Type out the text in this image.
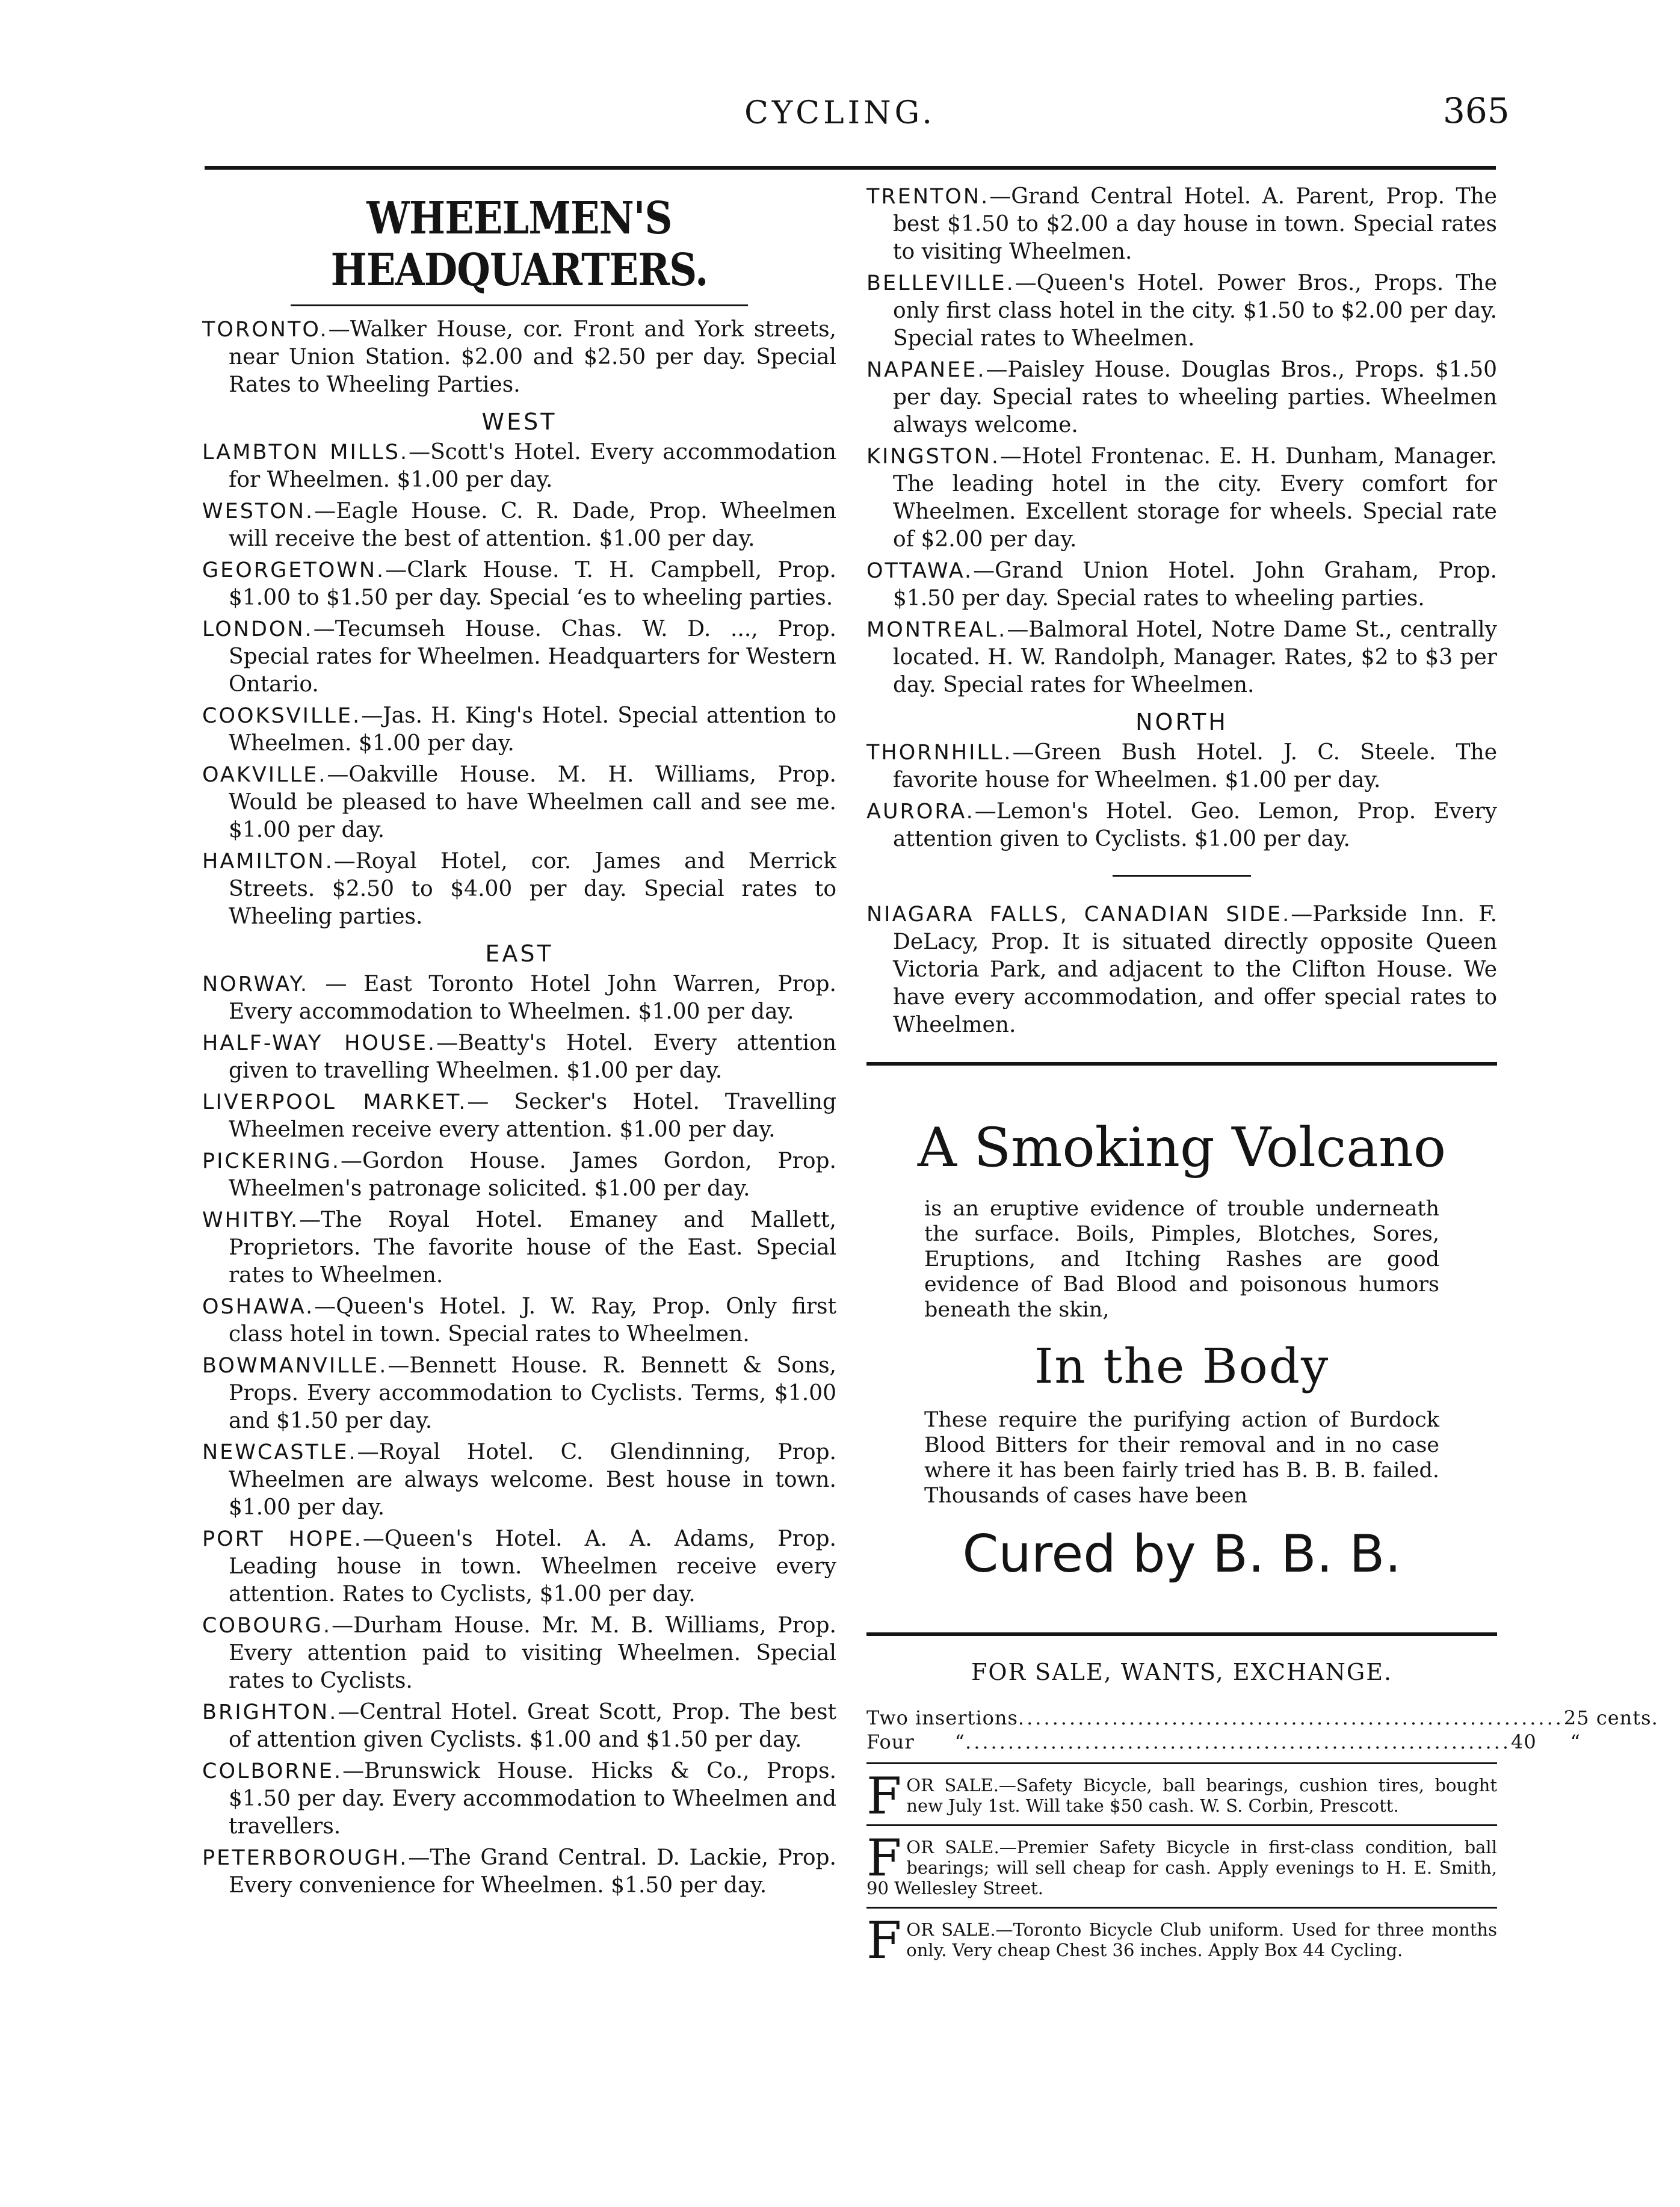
CYCLING.	365
WHEELMEN'S HEADQUARTERS.
TORONTO.—Walker House, cor. Front and York streets, near Union Station. $2.00 and $2.50 per day. Special Rates to Wheeling Parties.
WEST
LAMBTON MILLS.—Scott's Hotel. Every accommodation for Wheelmen. $1.00 per day.
WESTON.—Eagle House. C. R. Dade, Prop. Wheelmen will receive the best of attention. $1.00 per day.
GEORGETOWN.—Clark House. T. H. Campbell, Prop. $1.00 to $1.50 per day. Special ʻes to wheeling parties.
LONDON.—Tecumseh House. Chas. W. D. ..., Prop. Special rates for Wheelmen. Headquarters for Western Ontario.
COOKSVILLE.—Jas. H. King's Hotel. Special attention to Wheelmen. $1.00 per day.
OAKVILLE.—Oakville House. M. H. Williams, Prop. Would be pleased to have Wheelmen call and see me. $1.00 per day.
HAMILTON.—Royal Hotel, cor. James and Merrick Streets. $2.50 to $4.00 per day. Special rates to Wheeling parties.
EAST
NORWAY. — East Toronto Hotel John Warren, Prop. Every accommodation to Wheelmen. $1.00 per day.
HALF-WAY HOUSE.—Beatty's Hotel. Every attention given to travelling Wheelmen. $1.00 per day.
LIVERPOOL MARKET.— Secker's Hotel. Travelling Wheelmen receive every attention. $1.00 per day.
PICKERING.—Gordon House. James Gordon, Prop. Wheelmen's patronage solicited. $1.00 per day.
WHITBY.—The Royal Hotel. Emaney and Mallett, Proprietors. The favorite house of the East. Special rates to Wheelmen.
OSHAWA.—Queen's Hotel. J. W. Ray, Prop. Only first class hotel in town. Special rates to Wheelmen.
BOWMANVILLE.—Bennett House. R. Bennett & Sons, Props. Every accommodation to Cyclists. Terms, $1.00 and $1.50 per day.
NEWCASTLE.—Royal Hotel. C. Glendinning, Prop. Wheelmen are always welcome. Best house in town. $1.00 per day.
PORT HOPE.—Queen's Hotel. A. A. Adams, Prop. Leading house in town. Wheelmen receive every attention. Rates to Cyclists, $1.00 per day.
COBOURG.—Durham House. Mr. M. B. Williams, Prop. Every attention paid to visiting Wheelmen. Special rates to Cyclists.
BRIGHTON.—Central Hotel. Great Scott, Prop. The best of attention given Cyclists. $1.00 and $1.50 per day.
COLBORNE.—Brunswick House. Hicks & Co., Props. $1.50 per day. Every accommodation to Wheelmen and travellers.
PETERBOROUGH.—The Grand Central. D. Lackie, Prop. Every convenience for Wheelmen. $1.50 per day.
TRENTON.—Grand Central Hotel. A. Parent, Prop. The best $1.50 to $2.00 a day house in town. Special rates to visiting Wheelmen.
BELLEVILLE.—Queen's Hotel. Power Bros., Props. The only first class hotel in the city. $1.50 to $2.00 per day. Special rates to Wheelmen.
NAPANEE.—Paisley House. Douglas Bros., Props. $1.50 per day. Special rates to wheeling parties. Wheelmen always welcome.
KINGSTON.—Hotel Frontenac. E. H. Dunham, Manager. The leading hotel in the city. Every comfort for Wheelmen. Excellent storage for wheels. Special rate of $2.00 per day.
OTTAWA.—Grand Union Hotel. John Graham, Prop. $1.50 per day. Special rates to wheeling parties.
MONTREAL.—Balmoral Hotel, Notre Dame St., centrally located. H. W. Randolph, Manager. Rates, $2 to $3 per day. Special rates for Wheelmen.
NORTH
THORNHILL.—Green Bush Hotel. J. C. Steele. The favorite house for Wheelmen. $1.00 per day.
AURORA.—Lemon's Hotel. Geo. Lemon, Prop. Every attention given to Cyclists. $1.00 per day.
NIAGARA FALLS, CANADIAN SIDE.—Parkside Inn. F. DeLacy, Prop. It is situated directly opposite Queen Victoria Park, and adjacent to the Clifton House. We have every accommodation, and offer special rates to Wheelmen.
A Smoking Volcano
is an eruptive evidence of trouble underneath the surface. Boils, Pimples, Blotches, Sores, Eruptions, and Itching Rashes are good evidence of Bad Blood and poisonous humors beneath the skin,
In the Body
These require the purifying action of Burdock Blood Bitters for their removal and in no case where it has been fairly tried has B. B. B. failed. Thousands of cases have been
Cured by B. B. B.
FOR SALE, WANTS, EXCHANGE.
Two insertions ................................................................ 25 cents.
Four      “ ................................................................ 40     “
FOR SALE.—Safety Bicycle, ball bearings, cushion tires, bought new July 1st. Will take $50 cash. W. S. Corbin, Prescott.
FOR SALE.—Premier Safety Bicycle in first-class condition, ball bearings; will sell cheap for cash. Apply evenings to H. E. Smith, 90 Wellesley Street.
FOR SALE.—Toronto Bicycle Club uniform. Used for three months only. Very cheap Chest 36 inches. Apply Box 44 Cycling.
